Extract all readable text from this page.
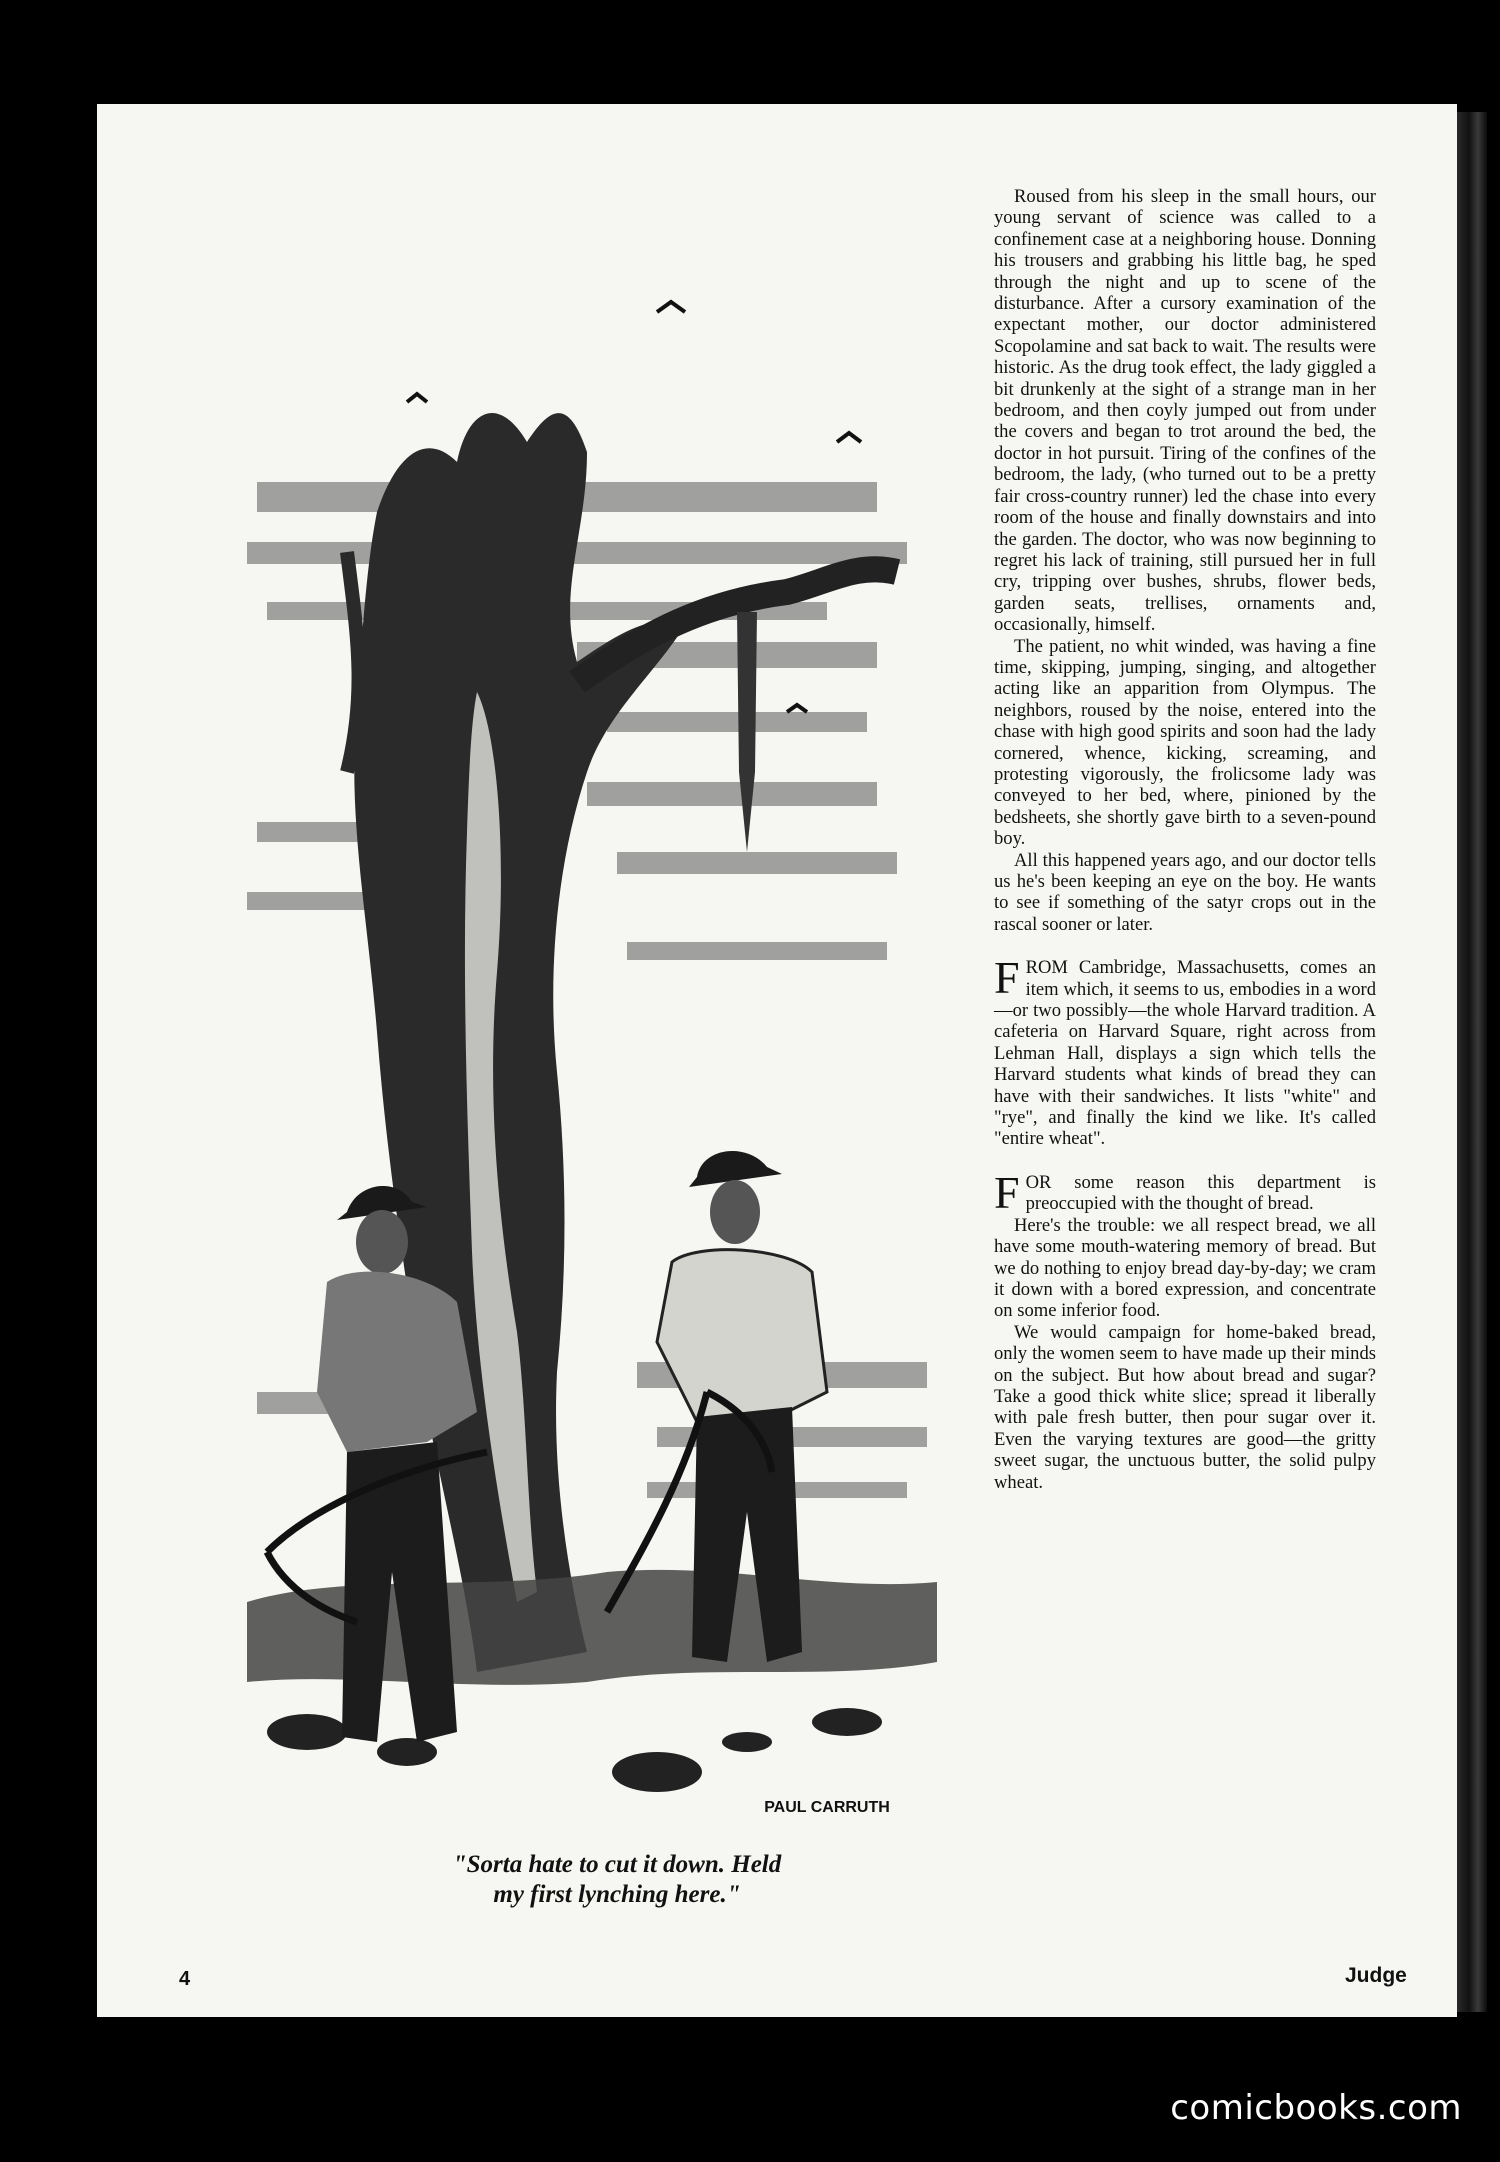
PAUL CARRUTH
"Sorta hate to cut it down. Held
my first lynching here."

Roused from his sleep in the small hours, our young servant of science was called to a confinement case at a neighboring house. Donning his trousers and grabbing his little bag, he sped through the night and up to scene of the disturbance. After a cursory examination of the expectant mother, our doctor administered Scopolamine and sat back to wait. The results were historic. As the drug took effect, the lady giggled a bit drunkenly at the sight of a strange man in her bedroom, and then coyly jumped out from under the covers and began to trot around the bed, the doctor in hot pursuit. Tiring of the confines of the bedroom, the lady, (who turned out to be a pretty fair cross-country runner) led the chase into every room of the house and finally downstairs and into the garden. The doctor, who was now beginning to regret his lack of training, still pursued her in full cry, tripping over bushes, shrubs, flower beds, garden seats, trellises, ornaments and, occasionally, himself.

The patient, no whit winded, was having a fine time, skipping, jumping, singing, and altogether acting like an apparition from Olympus. The neighbors, roused by the noise, entered into the chase with high good spirits and soon had the lady cornered, whence, kicking, screaming, and protesting vigorously, the frolicsome lady was conveyed to her bed, where, pinioned by the bedsheets, she shortly gave birth to a seven-pound boy.

All this happened years ago, and our doctor tells us he's been keeping an eye on the boy. He wants to see if something of the satyr crops out in the rascal sooner or later.

FROM Cambridge, Massachusetts, comes an item which, it seems to us, embodies in a word—or two possibly—the whole Harvard tradition. A cafeteria on Harvard Square, right across from Lehman Hall, displays a sign which tells the Harvard students what kinds of bread they can have with their sandwiches. It lists "white" and "rye", and finally the kind we like. It's called "entire wheat".

FOR some reason this department is preoccupied with the thought of bread.

Here's the trouble: we all respect bread, we all have some mouth-watering memory of bread. But we do nothing to enjoy bread day-by-day; we cram it down with a bored expression, and concentrate on some inferior food.

We would campaign for home-baked bread, only the women seem to have made up their minds on the subject. But how about bread and sugar? Take a good thick white slice; spread it liberally with pale fresh butter, then pour sugar over it. Even the varying textures are good—the gritty sweet sugar, the unctuous butter, the solid pulpy wheat.

4	Judge
comicbooks.com
